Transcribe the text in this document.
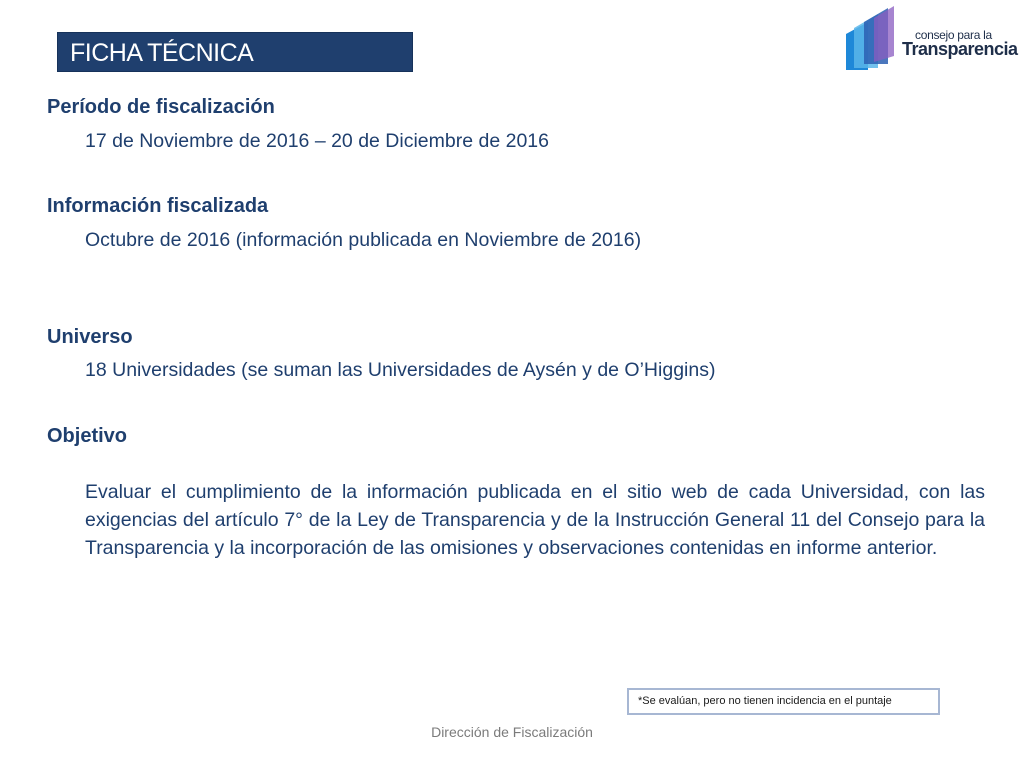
FICHA TÉCNICA
consejo para la
Transparencia
Período de fiscalización
17 de Noviembre de 2016 – 20 de Diciembre de 2016
Información fiscalizada
Octubre de 2016 (información publicada en Noviembre de 2016)
Universo
18 Universidades (se suman las Universidades de Aysén y de O’Higgins)
Objetivo
Evaluar el cumplimiento de la información publicada en el sitio web de cada Universidad, con las exigencias del artículo 7° de la Ley de Transparencia y de la Instrucción General 11 del Consejo para la Transparencia y la incorporación de las omisiones y observaciones contenidas en informe anterior.
*Se evalúan, pero no tienen incidencia en el puntaje
Dirección de Fiscalización
